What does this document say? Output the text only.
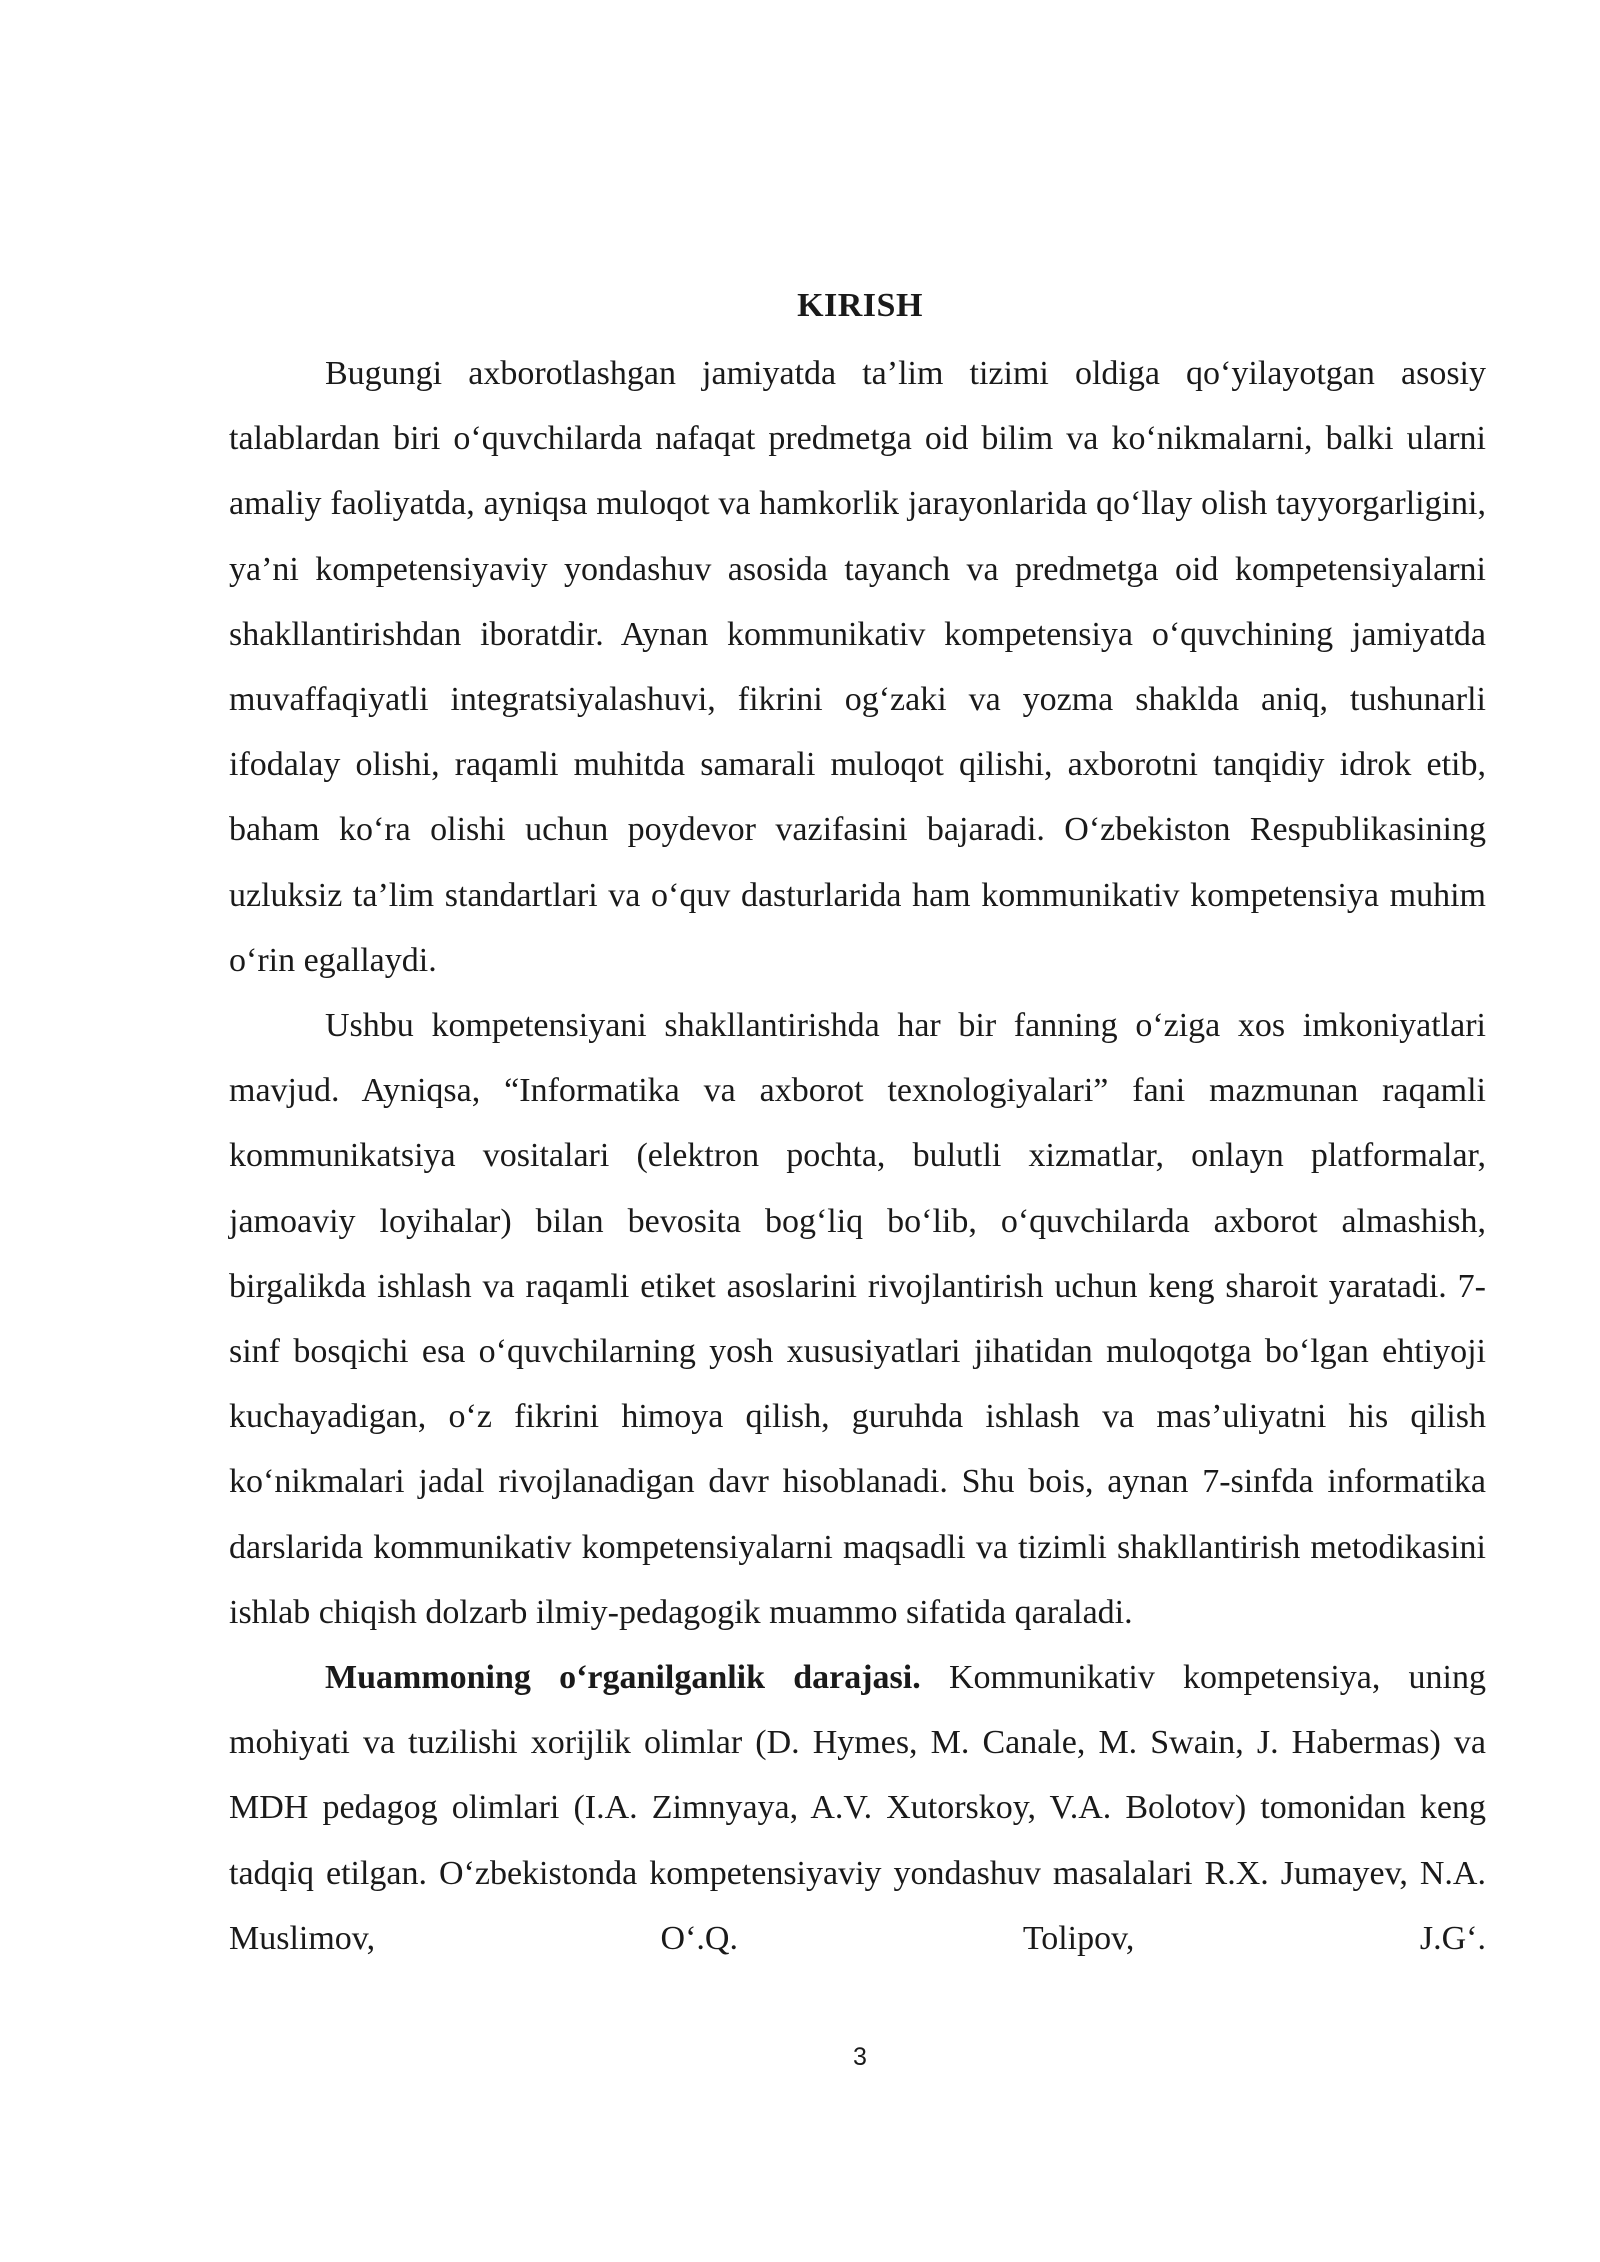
KIRISH

Bugungi axborotlashgan jamiyatda ta’lim tizimi oldiga qo‘yilayotgan asosiy talablardan biri o‘quvchilarda nafaqat predmetga oid bilim va ko‘nikmalarni, balki ularni amaliy faoliyatda, ayniqsa muloqot va hamkorlik jarayonlarida qo‘llay olish tayyorgarligini, ya’ni kompetensiyaviy yondashuv asosida tayanch va predmetga oid kompetensiyalarni shakllantirishdan iboratdir. Aynan kommunikativ kompetensiya o‘quvchining jamiyatda muvaffaqiyatli integratsiyalashuvi, fikrini og‘zaki va yozma shaklda aniq, tushunarli ifodalay olishi, raqamli muhitda samarali muloqot qilishi, axborotni tanqidiy idrok etib, baham ko‘ra olishi uchun poydevor vazifasini bajaradi. O‘zbekiston Respublikasining uzluksiz ta’lim standartlari va o‘quv dasturlarida ham kommunikativ kompetensiya muhim o‘rin egallaydi.

Ushbu kompetensiyani shakllantirishda har bir fanning o‘ziga xos imkoniyatlari mavjud. Ayniqsa, “Informatika va axborot texnologiyalari” fani mazmunan raqamli kommunikatsiya vositalari (elektron pochta, bulutli xizmatlar, onlayn platformalar, jamoaviy loyihalar) bilan bevosita bog‘liq bo‘lib, o‘quvchilarda axborot almashish, birgalikda ishlash va raqamli etiket asoslarini rivojlantirish uchun keng sharoit yaratadi. 7-sinf bosqichi esa o‘quvchilarning yosh xususiyatlari jihatidan muloqotga bo‘lgan ehtiyoji kuchayadigan, o‘z fikrini himoya qilish, guruhda ishlash va mas’uliyatni his qilish ko‘nikmalari jadal rivojlanadigan davr hisoblanadi. Shu bois, aynan 7-sinfda informatika darslarida kommunikativ kompetensiyalarni maqsadli va tizimli shakllantirish metodikasini ishlab chiqish dolzarb ilmiy-pedagogik muammo sifatida qaraladi.

Muammoning o‘rganilganlik darajasi. Kommunikativ kompetensiya, uning mohiyati va tuzilishi xorijlik olimlar (D. Hymes, M. Canale, M. Swain, J. Habermas) va MDH pedagog olimlari (I.A. Zimnyaya, A.V. Xutorskoy, V.A. Bolotov) tomonidan keng tadqiq etilgan. O‘zbekistonda kompetensiyaviy yondashuv masalalari R.X. Jumayev, N.A. Muslimov, O‘.Q. Tolipov, J.G‘.

3
